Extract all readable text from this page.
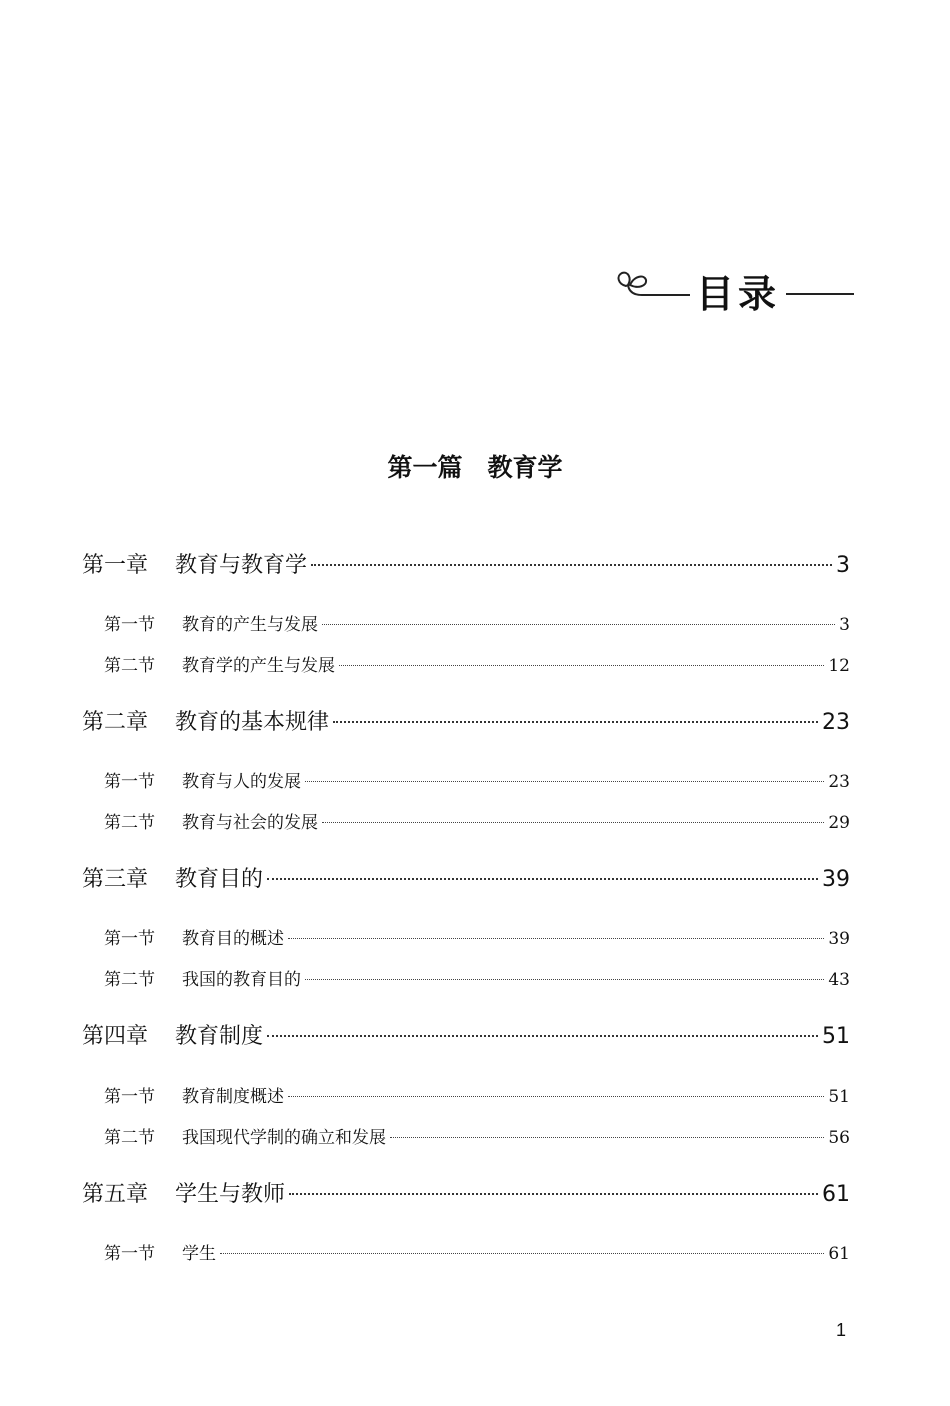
目录
第一篇　教育学
第一章	教育与教育学	3
第一节	教育的产生与发展	3
第二节	教育学的产生与发展	12
第二章	教育的基本规律	23
第一节	教育与人的发展	23
第二节	教育与社会的发展	29
第三章	教育目的	39
第一节	教育目的概述	39
第二节	我国的教育目的	43
第四章	教育制度	51
第一节	教育制度概述	51
第二节	我国现代学制的确立和发展	56
第五章	学生与教师	61
第一节	学生	61
1
